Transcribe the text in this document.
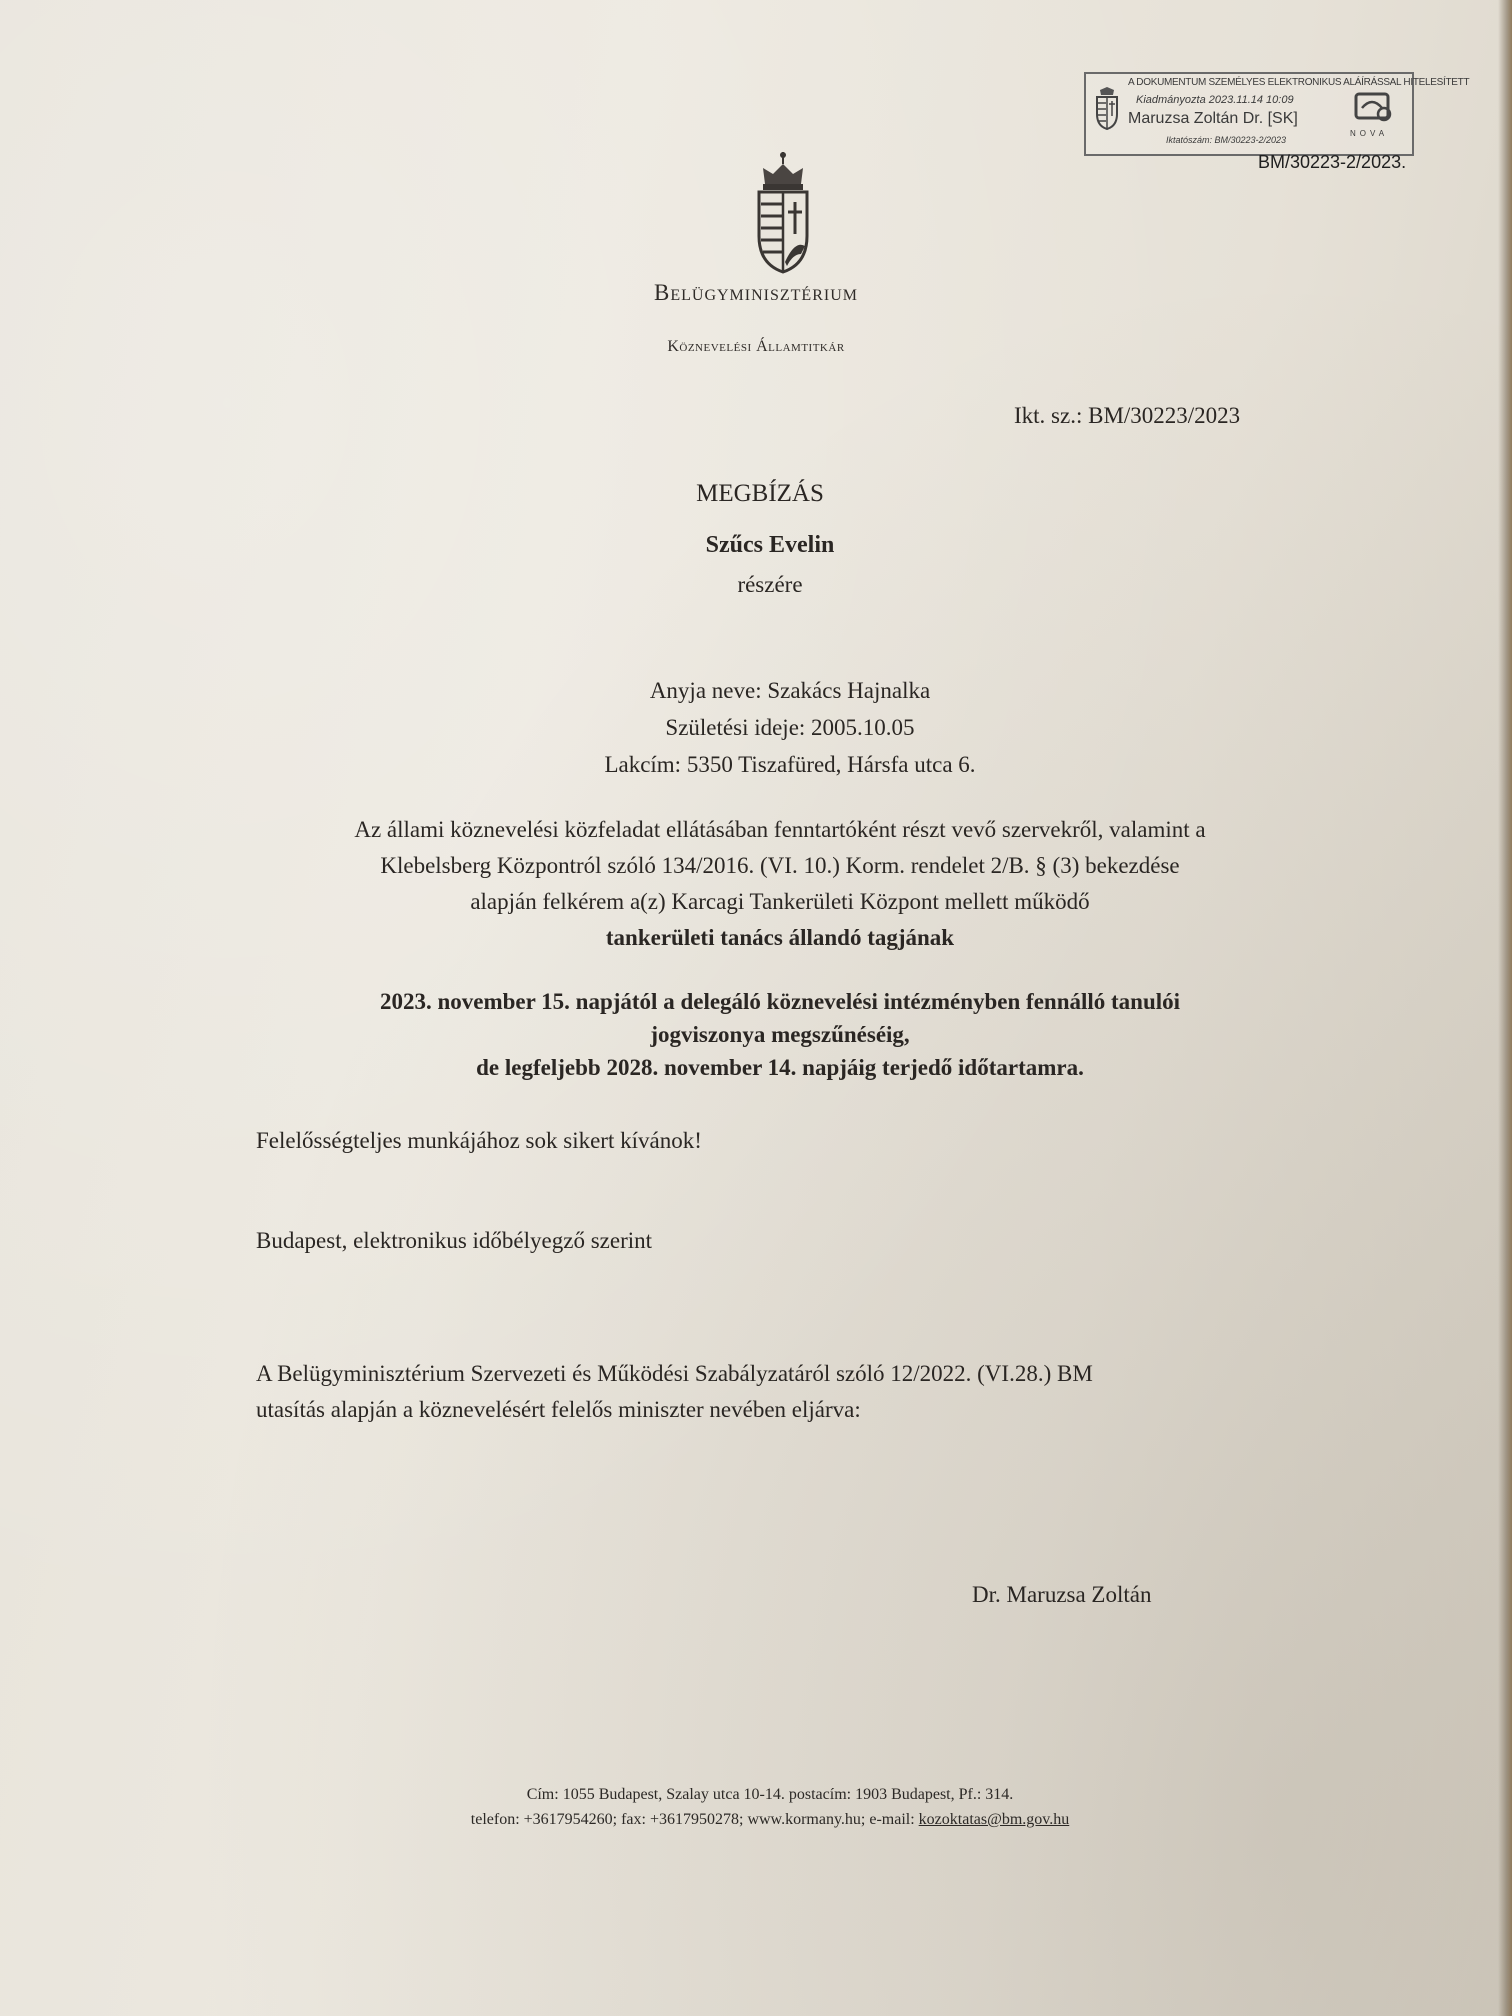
A DOKUMENTUM SZEMÉLYES ELEKTRONIKUS ALÁÍRÁSSAL HITELESÍTETT
Kiadmányozta 2023.11.14 10:09
Maruzsa Zoltán Dr. [SK]
Iktatószám: BM/30223-2/2023
NOVA
BM/30223-2/2023.
Belügyminisztérium
Köznevelési Államtitkár
Ikt. sz.: BM/30223/2023
MEGBÍZÁS
Szűcs Evelin
részére
Anyja neve: Szakács Hajnalka
Születési ideje: 2005.10.05
Lakcím: 5350 Tiszafüred, Hársfa utca 6.
Az állami köznevelési közfeladat ellátásában fenntartóként részt vevő szervekről, valamint a
Klebelsberg Központról szóló 134/2016. (VI. 10.) Korm. rendelet 2/B. § (3) bekezdése
alapján felkérem a(z) Karcagi Tankerületi Központ mellett működő
tankerületi tanács állandó tagjának
2023. november 15. napjától a delegáló köznevelési intézményben fennálló tanulói
jogviszonya megszűnéséig,
de legfeljebb 2028. november 14. napjáig terjedő időtartamra.
Felelősségteljes munkájához sok sikert kívánok!
Budapest, elektronikus időbélyegző szerint
A Belügyminisztérium Szervezeti és Működési Szabályzatáról szóló 12/2022. (VI.28.) BM
utasítás alapján a köznevelésért felelős miniszter nevében eljárva:
Dr. Maruzsa Zoltán
Cím: 1055 Budapest, Szalay utca 10-14. postacím: 1903 Budapest, Pf.: 314.
telefon: +3617954260; fax: +3617950278; www.kormany.hu; e-mail: kozoktatas@bm.gov.hu
